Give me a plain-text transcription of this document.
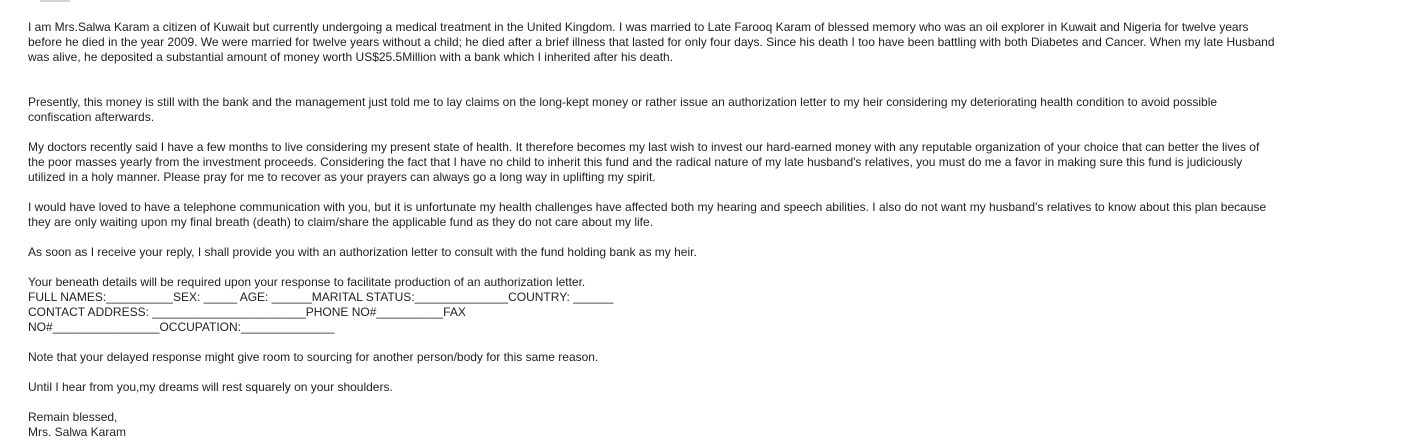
I am Mrs.Salwa Karam a citizen of Kuwait but currently undergoing a medical treatment in the United Kingdom. I was married to Late Farooq Karam of blessed memory who was an oil explorer in Kuwait and Nigeria for twelve years
before he died in the year 2009. We were married for twelve years without a child; he died after a brief illness that lasted for only four days. Since his death I too have been battling with both Diabetes and Cancer. When my late Husband
was alive, he deposited a substantial amount of money worth US$25.5Million with a bank which I inherited after his death.

Presently, this money is still with the bank and the management just told me to lay claims on the long-kept money or rather issue an authorization letter to my heir considering my deteriorating health condition to avoid possible
confiscation afterwards.

My doctors recently said I have a few months to live considering my present state of health. It therefore becomes my last wish to invest our hard-earned money with any reputable organization of your choice that can better the lives of
the poor masses yearly from the investment proceeds. Considering the fact that I have no child to inherit this fund and the radical nature of my late husband's relatives, you must do me a favor in making sure this fund is judiciously
utilized in a holy manner. Please pray for me to recover as your prayers can always go a long way in uplifting my spirit.

I would have loved to have a telephone communication with you, but it is unfortunate my health challenges have affected both my hearing and speech abilities. I also do not want my husband's relatives to know about this plan because
they are only waiting upon my final breath (death) to claim/share the applicable fund as they do not care about my life.

As soon as I receive your reply, I shall provide you with an authorization letter to consult with the fund holding bank as my heir.

Your beneath details will be required upon your response to facilitate production of an authorization letter.
FULL NAMES:__________SEX: _____ AGE: ______MARITAL STATUS:______________COUNTRY: ______
CONTACT ADDRESS: _______________________PHONE NO#__________FAX
NO#________________OCCUPATION:______________

Note that your delayed response might give room to sourcing for another person/body for this same reason.

Until I hear from you,my dreams will rest squarely on your shoulders.

Remain blessed,
Mrs. Salwa Karam
